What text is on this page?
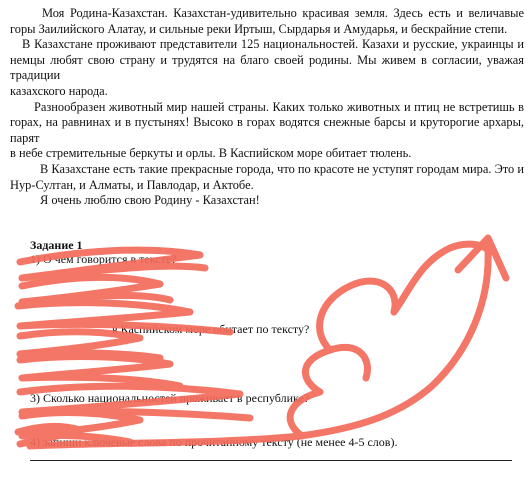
Моя Родина-Казахстан. Казахстан-удивительно красивая земля. Здесь есть и величавые горы Заилийского Алатау, и сильные реки Иртыш, Сырдарья и Амударья, и бескрайние степи.

В Казахстане проживают представители 125 национальностей. Казахи и русские, украинцы и немцы любят свою страну и трудятся на благо своей родины. Мы живем в согласии, уважая традиции

казахского народа.

Разнообразен животный мир нашей страны. Каких только животных и птиц не встретишь в горах, на равнинах и в пустынях! Высоко в горах водятся снежные барсы и круторогие архары, парят

в небе стремительные беркуты и орлы. В Каспийском море обитает тюлень.

В Казахстане есть такие прекрасные города, что по красоте не уступят городам мира. Это и Нур-Султан, и Алматы, и Павлодар, и Актобе.

Я очень люблю свою Родину - Казахстан!

Задание 1
1) О чем говорится в тексте?
в Каспийском море обитает по тексту?
3) Сколько национальностей проживает в республике?
4) запиши ключевые слова по прочитанному тексту (не менее 4-5 слов).
